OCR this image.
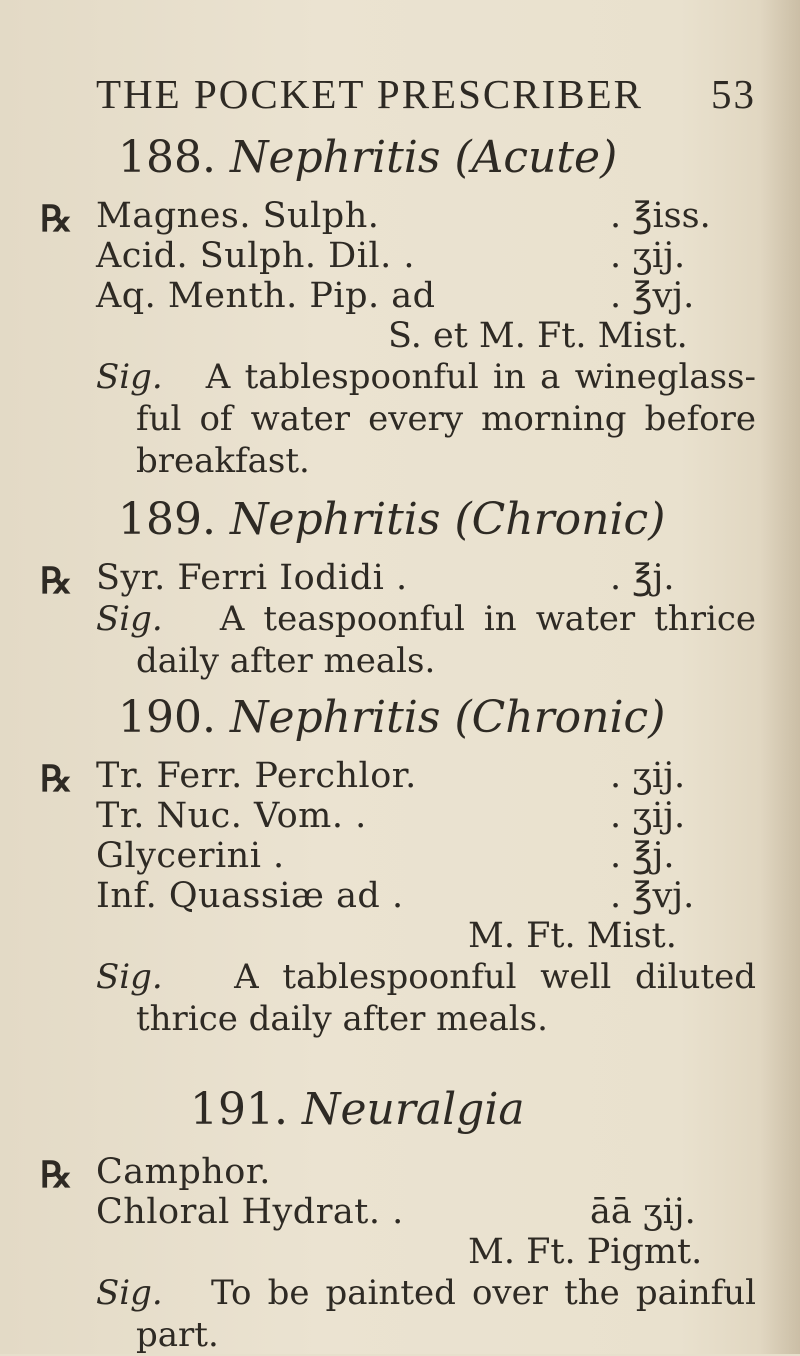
THE POCKET PRESCRIBER 53
188. Nephritis (Acute)
℞ Magnes. Sulph.	. ℥iss.
Acid. Sulph. Dil. .	. ʒij.
Aq. Menth. Pip. ad	. ℥vj.
S. et M. Ft. Mist.
Sig. A tablespoonful in a wineglass-
ful of water every morning before
breakfast.
189. Nephritis (Chronic)
℞ Syr. Ferri Iodidi .	. ℥j.
Sig. A teaspoonful in water thrice
daily after meals.
190. Nephritis (Chronic)
℞ Tr. Ferr. Perchlor.	. ʒij.
Tr. Nuc. Vom. .	. ʒij.
Glycerini .	. ℥j.
Inf. Quassiæ ad .	. ℥vj.
M. Ft. Mist.
Sig. A tablespoonful well diluted
thrice daily after meals.
191. Neuralgia
℞ Camphor.
Chloral Hydrat. .	āā ʒij.
M. Ft. Pigmt.
Sig. To be painted over the painful
part.
